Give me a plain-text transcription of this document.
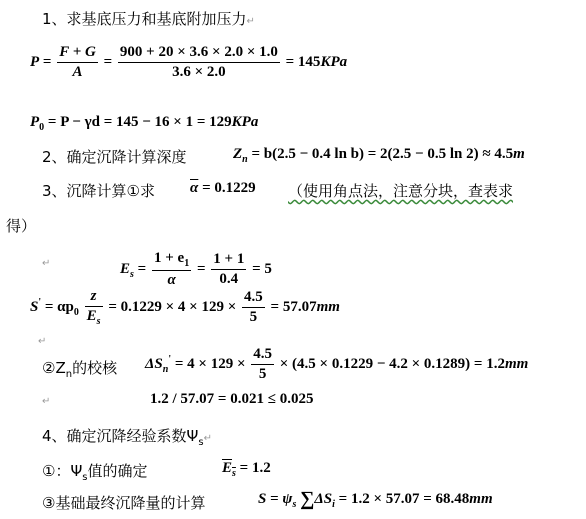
1、求基底压力和基底附加压力↵
$P = \frac{F + G}{A} = \frac{900 + 20 \times 3.6 \times 2.0 \times 1.0}{3.6 \times 2.0} = 145KPa$
$P_0 = P - \gamma d = 145 - 16 \times 1 = 129KPa$
2、确定沉降计算深度	$Z_n = b(2.5 - 0.4$ ln b) = 2(2.5 − 0.5 ln 2) ≈ 4.5m
3、沉降计算①求 $\overline{\alpha} = 0.1229$ （使用角点法，注意分块，查表求
得）
↵	$E_s = \frac{1 + e_1}{\alpha} = \frac{1 + 1}{0.4} = 5$
$S' = \alpha p_0 \frac{z}{E_s} = 0.1229 \times 4 \times 129 \times \frac{4.5}{5} = 57.07mm$
↵
$②Z_n$的校核 $\Delta S_n' = 4 \times 129 \times \frac{4.5}{5} \times (4.5 \times 0.1229 - 4.2 \times 0.1289) = 1.2mm$
↵	1.2 / 57.07 = 0.021 ≤ 0.025
4、确定沉降经验系数$\Psi_s↵$
①：$\Psi_s$值的确定	$E_s = 1.2$
③基础最终沉降量的计算	$S = \psi_s$ $\sum\Delta S_i = 1.2 \times 57.07 = 68.48mm$
